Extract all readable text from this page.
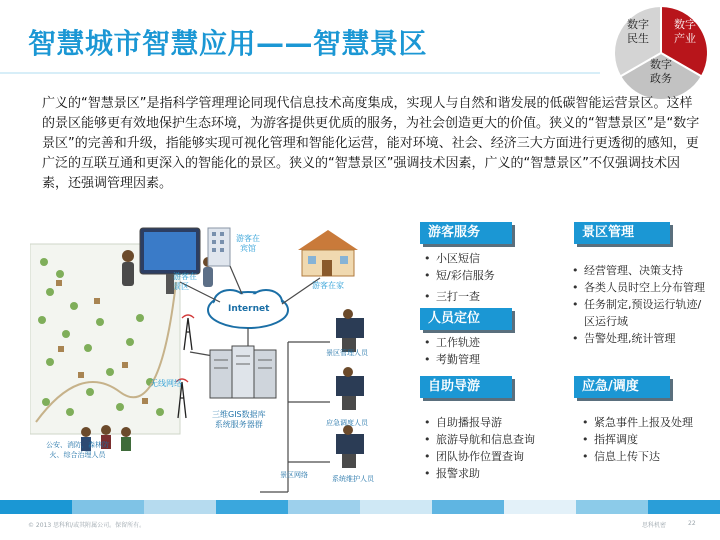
智慧城市智慧应用——智慧景区
数字
民生
数字
产业
数字
政务

广义的“智慧景区”是指科学管理理论同现代信息技术高度集成，实现人与自然和谐发展的低碳智能运营景区。这样的景区能够更有效地保护生态环境，为游客提供更优质的服务，为社会创造更大的价值。狭义的“智慧景区”是“数字景区”的完善和升级，指能够实现可视化管理和智能化运营，能对环境、社会、经济三大方面进行更透彻的感知，更广泛的互联互通和更深入的智能化的景区。狭义的“智慧景区”强调技术因素，广义的“智慧景区”不仅强调技术因素，还强调管理因素。

游客在
宾馆
游客在
景区	游客在家
Internet
无线网络
三维GIS数据库
系统服务器群
景区管理人员
应急调度人员
系统维护人员
景区网络
公安、消防、森林防
火、综合治理人员
游客服务
• 小区短信
• 短/彩信服务
• 三打一查
景区管理
• 经营管理、决策支持
• 各类人员时空上分布管理
• 任务制定,预设运行轨迹/区运行域
• 告警处理,统计管理
人员定位
• 工作轨迹
• 考勤管理
自助导游
• 自助播报导游
• 旅游导航和信息查询
• 团队协作位置查询
• 报警求助
应急/调度
• 紧急事件上报及处理
• 指挥调度
• 信息上传下达
© 2013 思科和/或其附属公司。保留所有。	思科机密	22
